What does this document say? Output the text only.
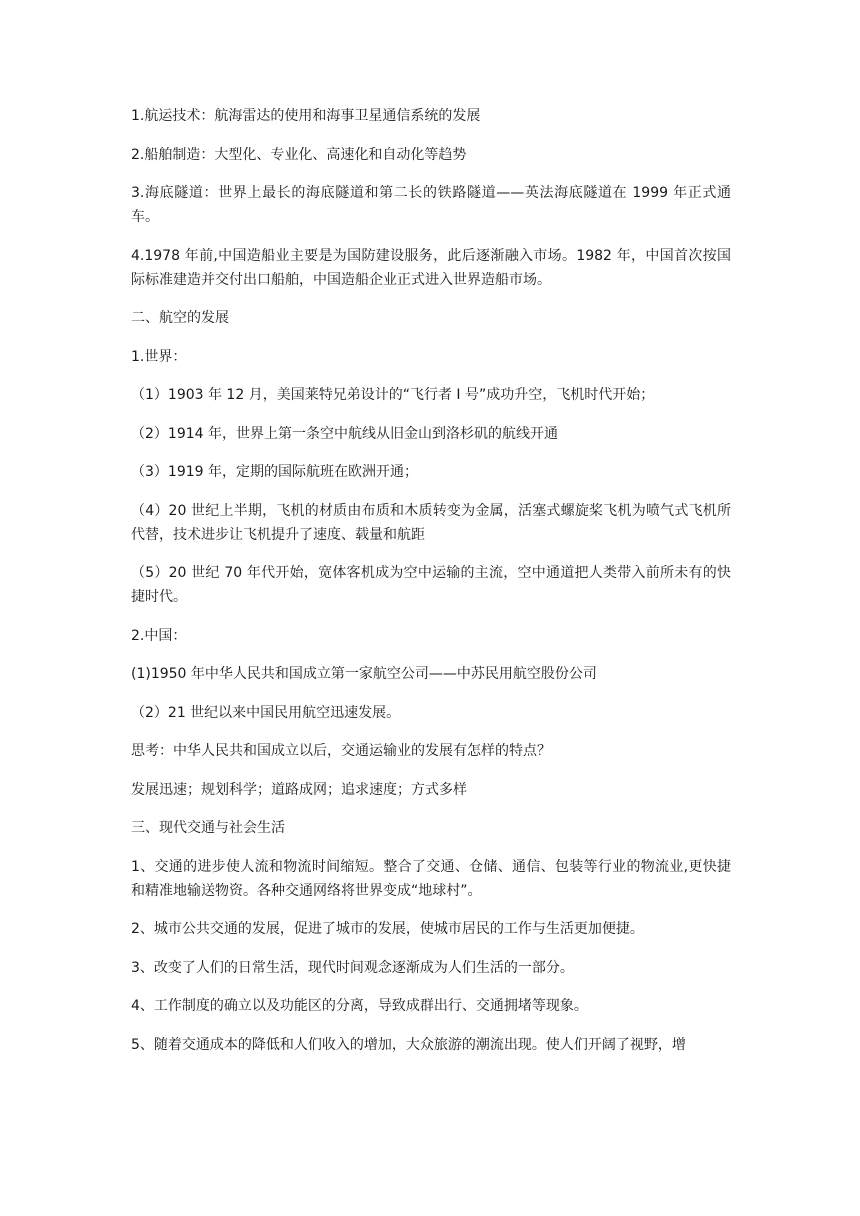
1.航运技术：航海雷达的使用和海事卫星通信系统的发展

2.船舶制造：大型化、专业化、高速化和自动化等趋势

3.海底隧道：世界上最长的海底隧道和第二长的铁路隧道——英法海底隧道在 1999 年正式通车。

4.1978 年前,中国造船业主要是为国防建设服务，此后逐渐融入市场。1982 年，中国首次按国际标准建造并交付出口船舶，中国造船企业正式进入世界造船市场。

二、航空的发展

1.世界：

（1）1903 年 12 月，美国莱特兄弟设计的“飞行者 I 号”成功升空，飞机时代开始；

（2）1914 年，世界上第一条空中航线从旧金山到洛杉矶的航线开通

（3）1919 年，定期的国际航班在欧洲开通；

（4）20 世纪上半期，飞机的材质由布质和木质转变为金属，活塞式螺旋桨飞机为喷气式飞机所代替，技术进步让飞机提升了速度、载量和航距

（5）20 世纪 70 年代开始，宽体客机成为空中运输的主流，空中通道把人类带入前所未有的快捷时代。

2.中国：

(1)1950 年中华人民共和国成立第一家航空公司——中苏民用航空股份公司

（2）21 世纪以来中国民用航空迅速发展。

思考：中华人民共和国成立以后，交通运输业的发展有怎样的特点？

发展迅速；规划科学；道路成网；追求速度；方式多样

三、现代交通与社会生活

1、交通的进步使人流和物流时间缩短。整合了交通、仓储、通信、包装等行业的物流业,更快捷和精准地输送物资。各种交通网络将世界变成“地球村”。

2、城市公共交通的发展，促进了城市的发展，使城市居民的工作与生活更加便捷。

3、改变了人们的日常生活，现代时间观念逐渐成为人们生活的一部分。

4、工作制度的确立以及功能区的分离，导致成群出行、交通拥堵等现象。

5、随着交通成本的降低和人们收入的增加，大众旅游的潮流出现。使人们开阔了视野，增
